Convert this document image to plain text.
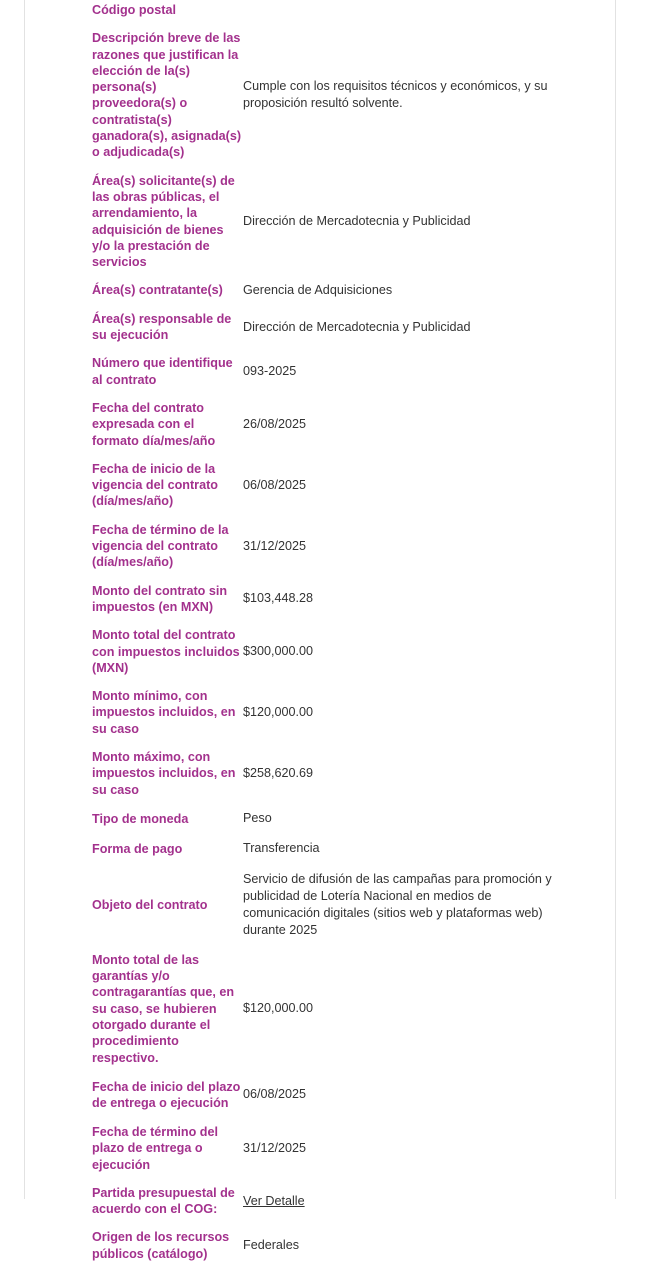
Código postal	
Descripción breve de las razones que justifican la elección de la(s) persona(s) proveedora(s) o contratista(s) ganadora(s), asignada(s) o adjudicada(s)	Cumple con los requisitos técnicos y económicos, y su proposición resultó solvente.
Área(s) solicitante(s) de las obras públicas, el arrendamiento, la adquisición de bienes y/o la prestación de servicios	Dirección de Mercadotecnia y Publicidad
Área(s) contratante(s)	Gerencia de Adquisiciones
Área(s) responsable de su ejecución	Dirección de Mercadotecnia y Publicidad
Número que identifique al contrato	093-2025
Fecha del contrato expresada con el formato día/mes/año	26/08/2025
Fecha de inicio de la vigencia del contrato (día/mes/año)	06/08/2025
Fecha de término de la vigencia del contrato (día/mes/año)	31/12/2025
Monto del contrato sin impuestos (en MXN)	$103,448.28
Monto total del contrato con impuestos incluidos (MXN)	$300,000.00
Monto mínimo, con impuestos incluidos, en su caso	$120,000.00
Monto máximo, con impuestos incluidos, en su caso	$258,620.69
Tipo de moneda	Peso
Forma de pago	Transferencia
Objeto del contrato	Servicio de difusión de las campañas para promoción y publicidad de Lotería Nacional en medios de comunicación digitales (sitios web y plataformas web) durante 2025
Monto total de las garantías y/o contragarantías que, en su caso, se hubieren otorgado durante el procedimiento respectivo.	$120,000.00
Fecha de inicio del plazo de entrega o ejecución	06/08/2025
Fecha de término del plazo de entrega o ejecución	31/12/2025
Partida presupuestal de acuerdo con el COG:	Ver Detalle
Origen de los recursos públicos (catálogo)	Federales
